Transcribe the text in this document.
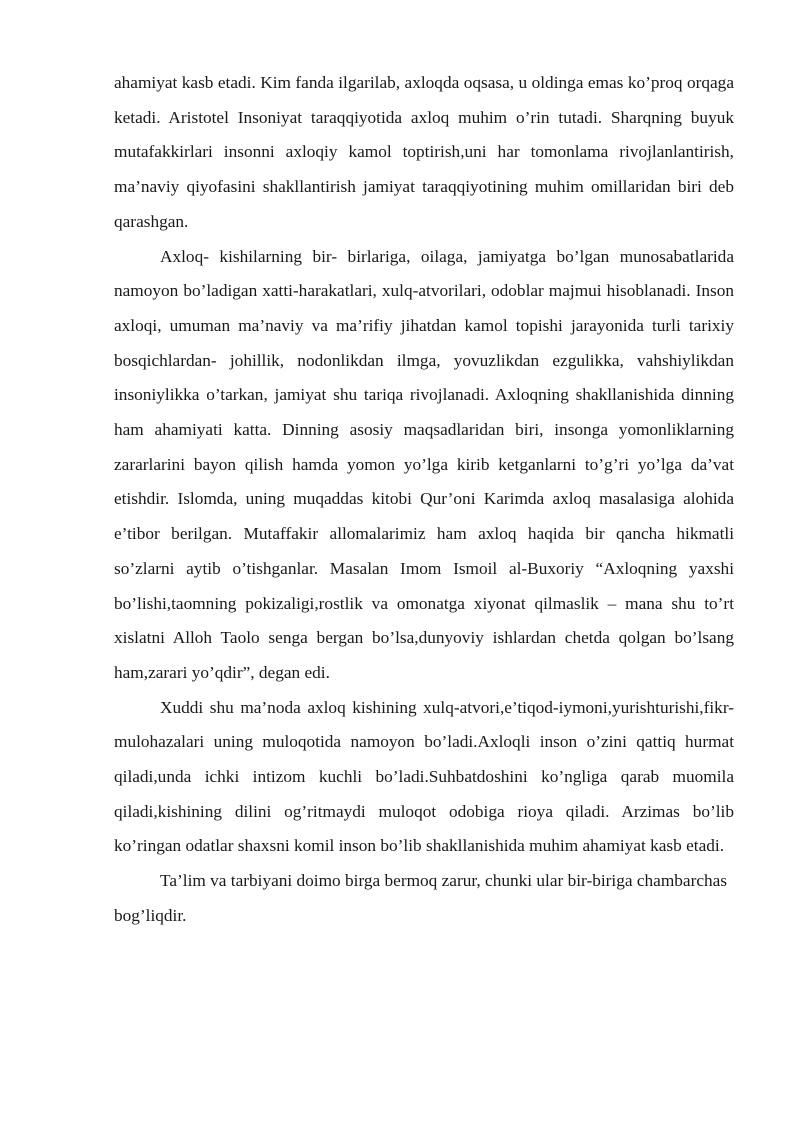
ahamiyat kasb etadi. Kim fanda ilgarilab, axloqda oqsasa, u oldinga emas ko’proq orqaga ketadi. Aristotel Insoniyat taraqqiyotida axloq muhim o’rin tutadi. Sharqning buyuk mutafakkirlari insonni axloqiy kamol toptirish,uni har tomonlama rivojlanlantirish, ma’naviy qiyofasini shakllantirish jamiyat taraqqiyotining muhim omillaridan biri deb qarashgan.

Axloq- kishilarning bir- birlariga, oilaga, jamiyatga bo’lgan munosabatlarida namoyon bo’ladigan xatti-harakatlari, xulq-atvorilari, odoblar majmui hisoblanadi. Inson axloqi, umuman ma’naviy va ma’rifiy jihatdan kamol topishi jarayonida turli tarixiy bosqichlardan- johillik, nodonlikdan ilmga, yovuzlikdan ezgulikka, vahshiylikdan insoniylikka o’tarkan, jamiyat shu tariqa rivojlanadi. Axloqning shakllanishida dinning ham ahamiyati katta. Dinning asosiy maqsadlaridan biri, insonga yomonliklarning zararlarini bayon qilish hamda yomon yo’lga kirib ketganlarni to’g’ri yo’lga da’vat etishdir. Islomda, uning muqaddas kitobi Qur’oni Karimda axloq masalasiga alohida e’tibor berilgan. Mutaffakir allomalarimiz ham axloq haqida bir qancha hikmatli so’zlarni aytib o’tishganlar. Masalan Imom Ismoil al-Buxoriy “Axloqning yaxshi bo’lishi,taomning pokizaligi,rostlik va omonatga xiyonat qilmaslik – mana shu to’rt xislatni Alloh Taolo senga bergan bo’lsa,dunyoviy ishlardan chetda qolgan bo’lsang ham,zarari yo’qdir”, degan edi.

Xuddi shu ma’noda axloq kishining xulq-atvori,e’tiqod-iymoni,yurishturishi,fikr-mulohazalari uning muloqotida namoyon bo’ladi.Axloqli inson o’zini qattiq hurmat qiladi,unda ichki intizom kuchli bo’ladi.Suhbatdoshini ko’ngliga qarab muomila qiladi,kishining dilini og’ritmaydi muloqot odobiga rioya qiladi. Arzimas bo’lib ko’ringan odatlar shaxsni komil inson bo’lib shakllanishida muhim ahamiyat kasb etadi.

Ta’lim va tarbiyani doimo birga bermoq zarur, chunki ular bir-biriga chambarchas bog’liqdir.
